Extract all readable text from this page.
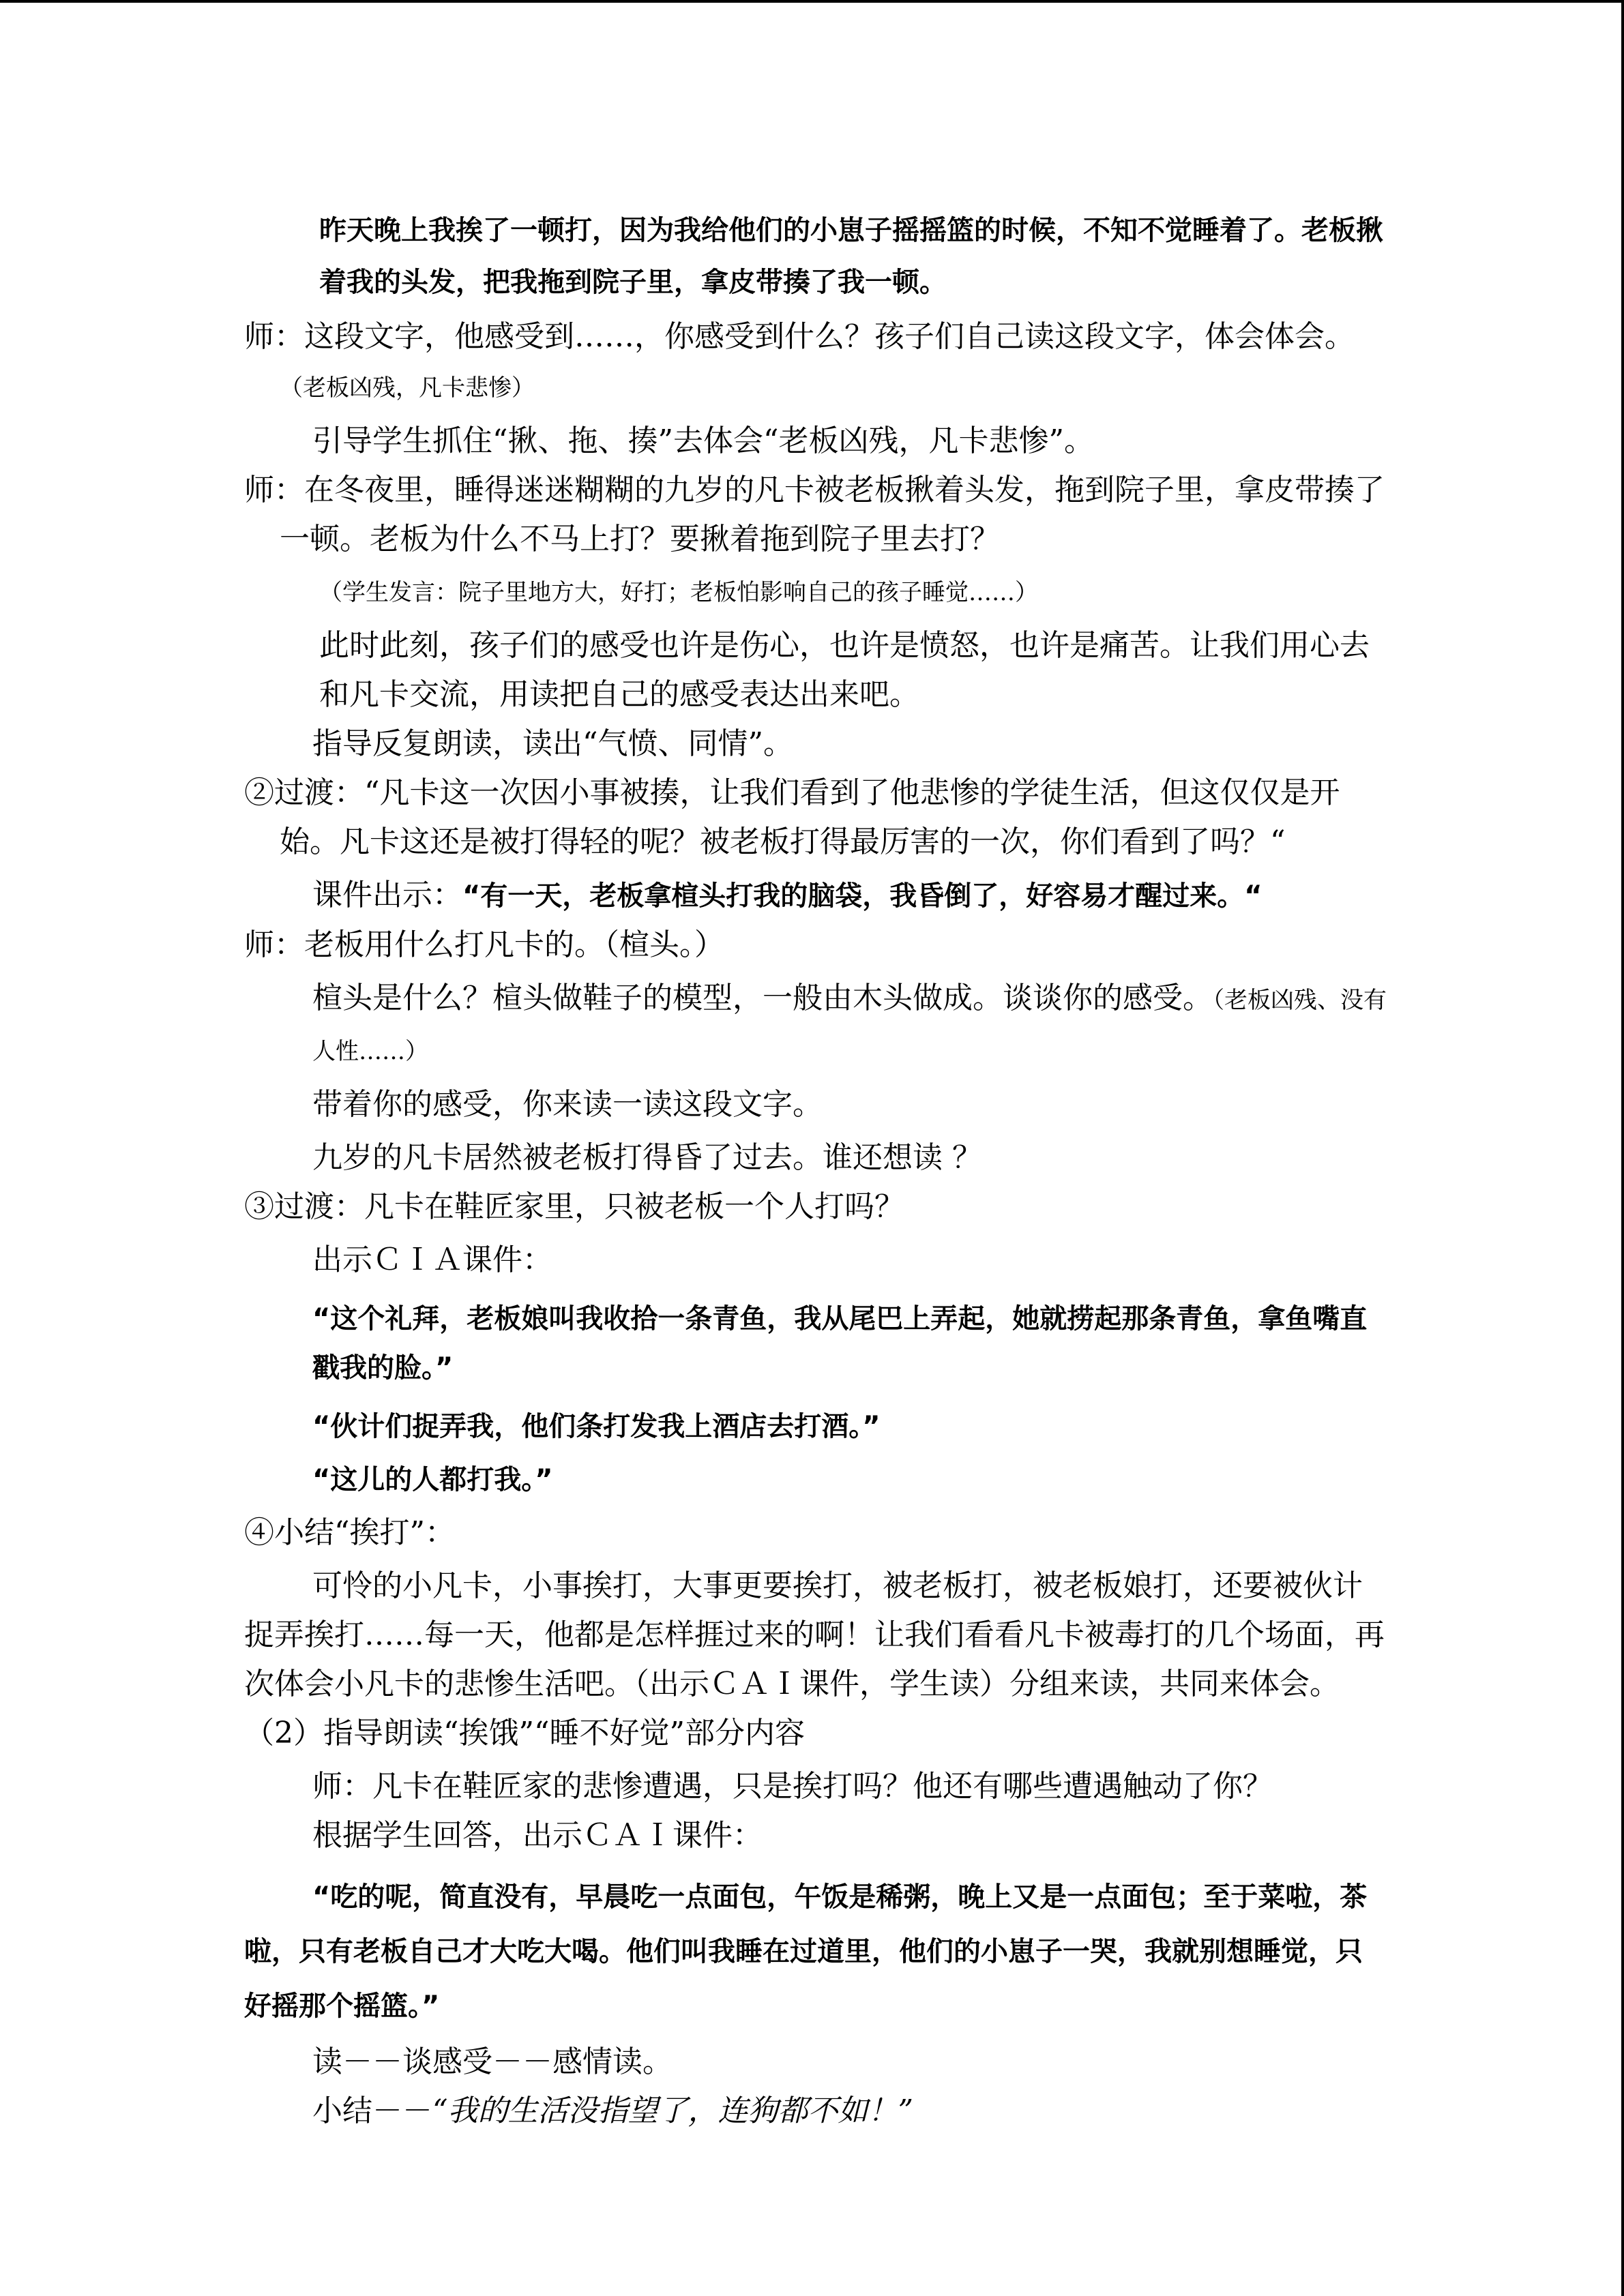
昨天晚上我挨了一顿打，因为我给他们的小崽子摇摇篮的时候，不知不觉睡着了。老板揪着我的头发，把我拖到院子里，拿皮带揍了我一顿。

师：这段文字，他感受到……，你感受到什么？孩子们自己读这段文字，体会体会。（老板凶残，凡卡悲惨）

引导学生抓住“揪、拖、揍”去体会“老板凶残，凡卡悲惨”。

师：在冬夜里，睡得迷迷糊糊的九岁的凡卡被老板揪着头发，拖到院子里，拿皮带揍了一顿。老板为什么不马上打？要揪着拖到院子里去打？

（学生发言：院子里地方大，好打；老板怕影响自己的孩子睡觉……）

此时此刻，孩子们的感受也许是伤心，也许是愤怒，也许是痛苦。让我们用心去和凡卡交流，用读把自己的感受表达出来吧。

指导反复朗读，读出“气愤、同情”。

②过渡：“凡卡这一次因小事被揍，让我们看到了他悲惨的学徒生活，但这仅仅是开始。凡卡这还是被打得轻的呢？被老板打得最厉害的一次，你们看到了吗？“

课件出示：“有一天，老板拿楦头打我的脑袋，我昏倒了，好容易才醒过来。“

师：老板用什么打凡卡的。（楦头。）

楦头是什么？楦头做鞋子的模型，一般由木头做成。谈谈你的感受。（老板凶残、没有人性……）

带着你的感受，你来读一读这段文字。

九岁的凡卡居然被老板打得昏了过去。谁还想读 ？

③过渡：凡卡在鞋匠家里，只被老板一个人打吗？

出示ＣＩＡ课件：

“这个礼拜，老板娘叫我收拾一条青鱼，我从尾巴上弄起，她就捞起那条青鱼，拿鱼嘴直戳我的脸。”

“伙计们捉弄我，他们条打发我上酒店去打酒。”

“这儿的人都打我。”

④小结“挨打”：

可怜的小凡卡，小事挨打，大事更要挨打，被老板打，被老板娘打，还要被伙计捉弄挨打……每一天，他都是怎样捱过来的啊！让我们看看凡卡被毒打的几个场面，再次体会小凡卡的悲惨生活吧。（出示ＣＡＩ课件，学生读）分组来读，共同来体会。（2）指导朗读“挨饿”“睡不好觉”部分内容

师：凡卡在鞋匠家的悲惨遭遇，只是挨打吗？他还有哪些遭遇触动了你？

根据学生回答，出示ＣＡＩ课件：

“吃的呢，简直没有，早晨吃一点面包，午饭是稀粥，晚上又是一点面包；至于菜啦，茶啦，只有老板自己才大吃大喝。他们叫我睡在过道里，他们的小崽子一哭，我就别想睡觉，只好摇那个摇篮。”

读－－谈感受－－感情读。

小结－－“我的生活没指望了，连狗都不如！”
